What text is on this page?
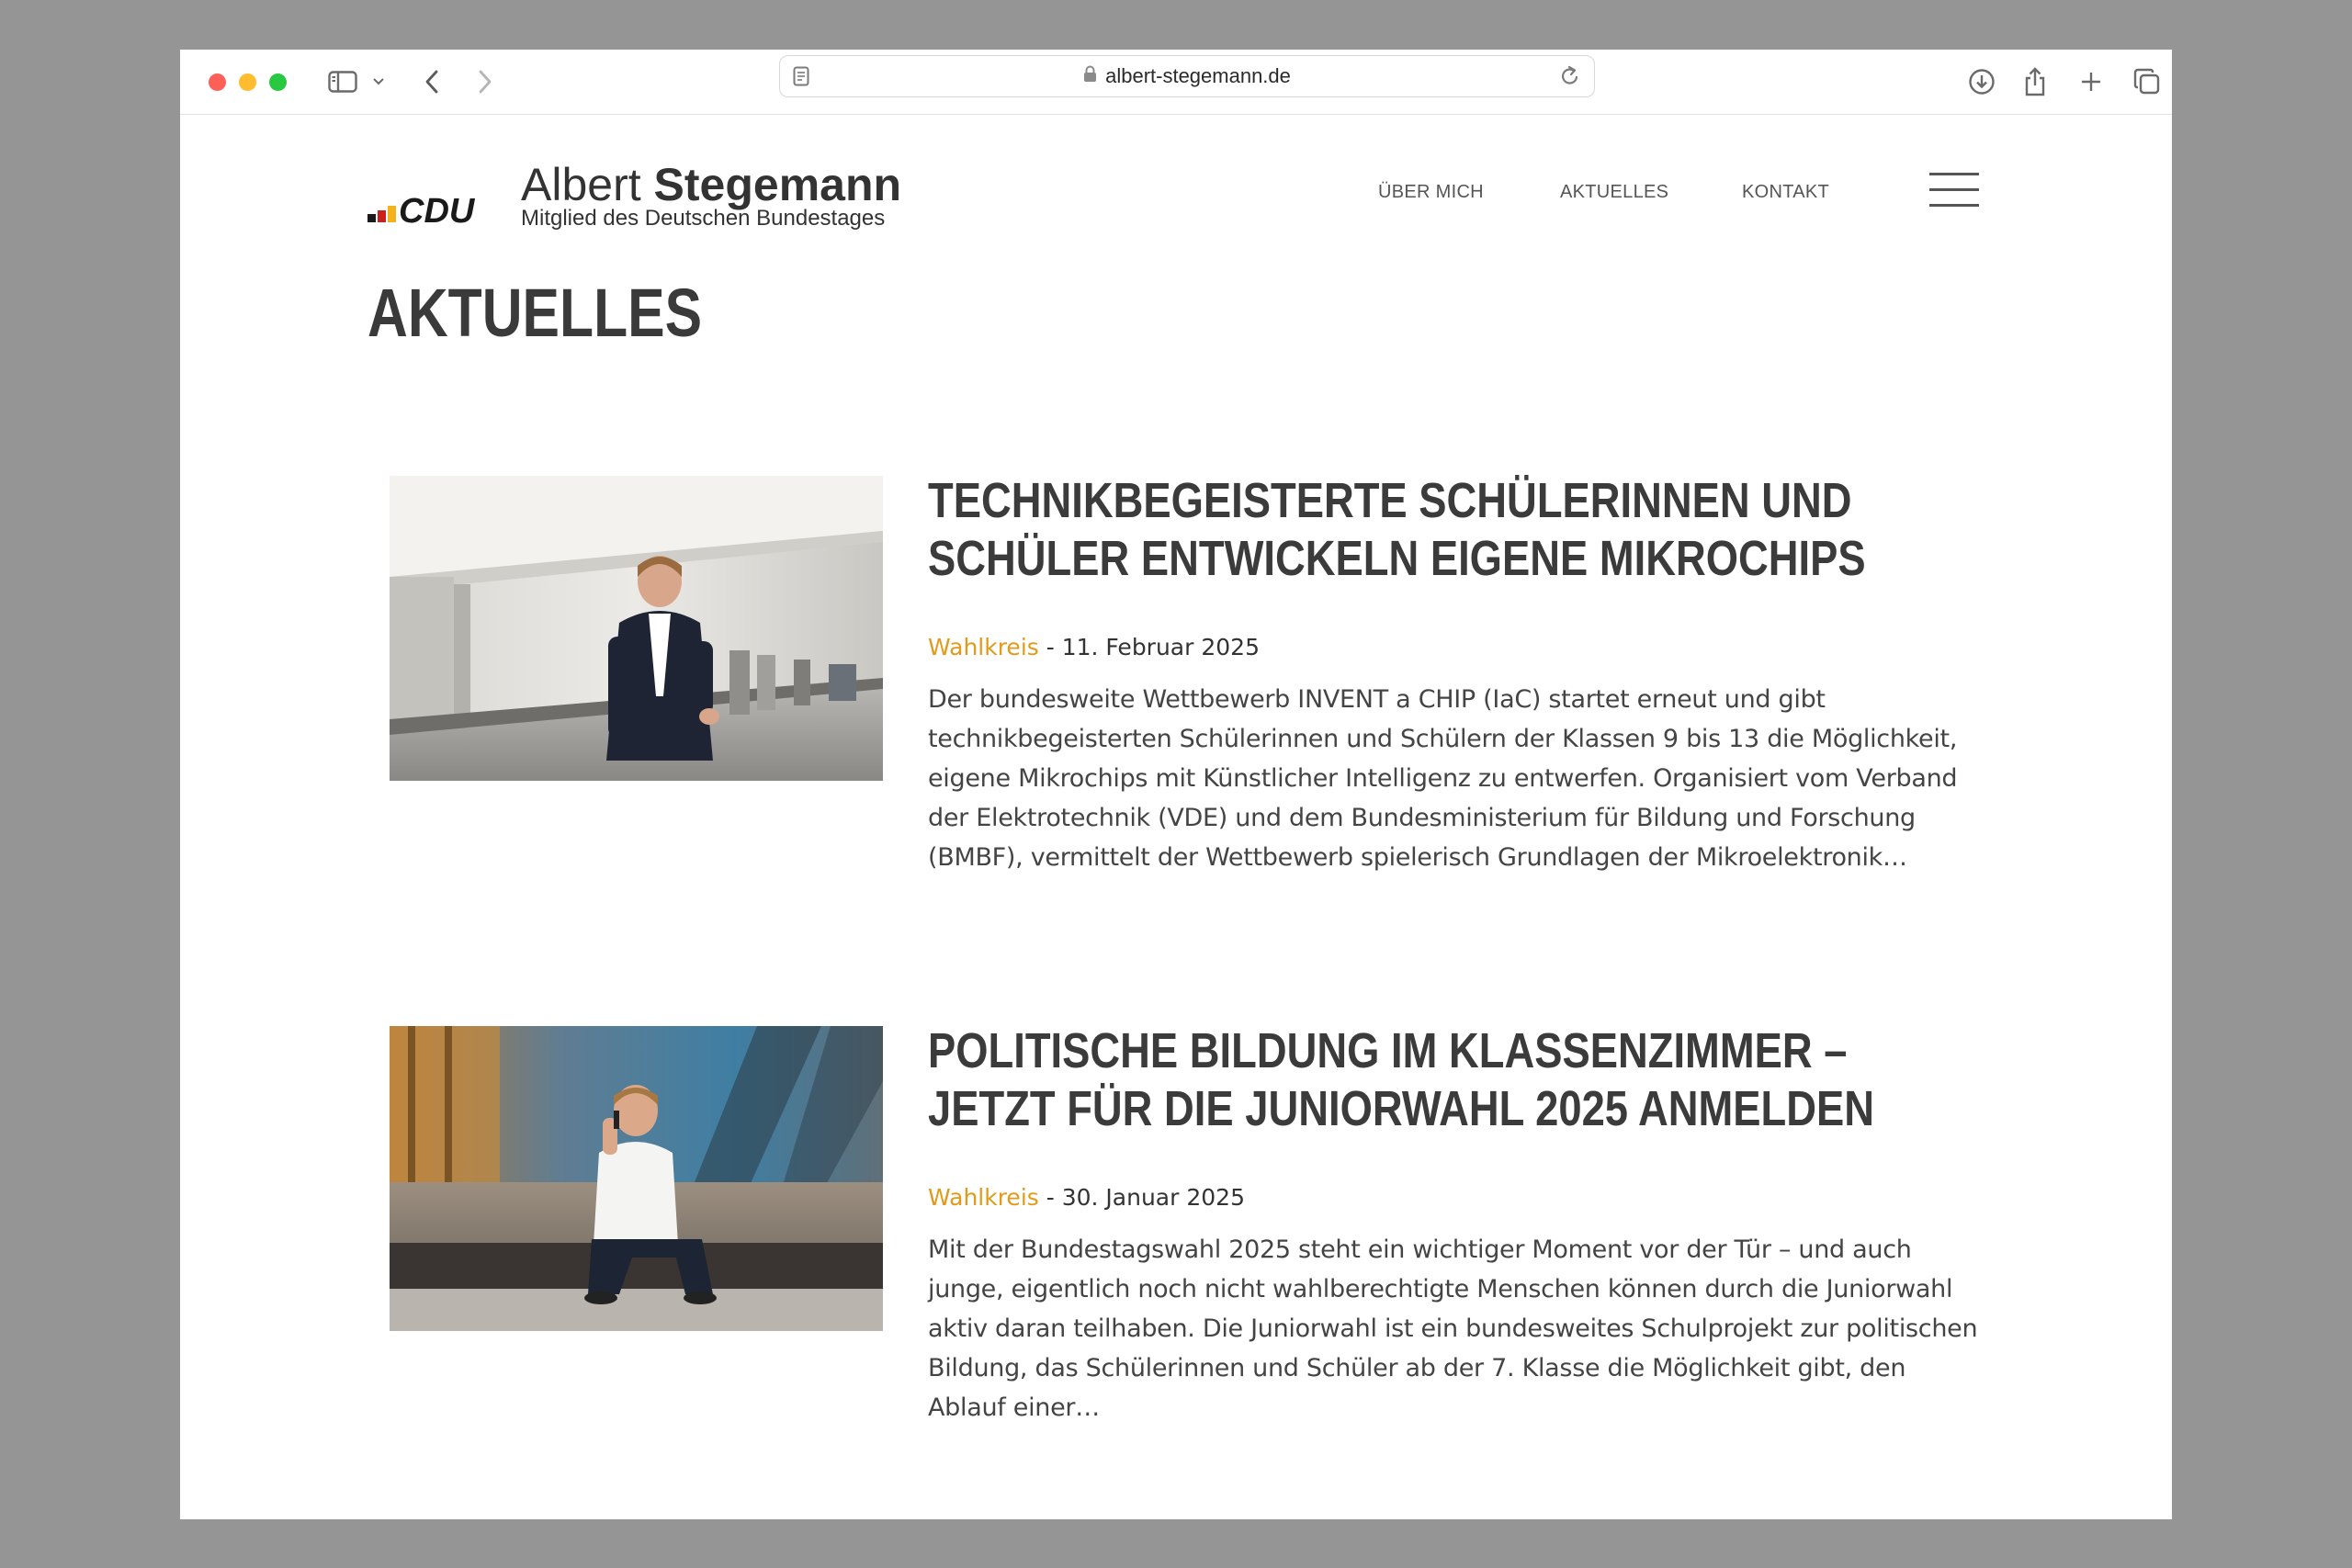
albert-stegemann.de
CDU
Albert Stegemann
Mitglied des Deutschen Bundestages
ÜBER MICH	AKTUELLES	KONTAKT
AKTUELLES
TECHNIKBEGEISTERTE SCHÜLERINNEN UND SCHÜLER ENTWICKELN EIGENE MIKROCHIPS
Wahlkreis - 11. Februar 2025

Der bundesweite Wettbewerb INVENT a CHIP (IaC) startet erneut und gibt technikbegeisterten Schülerinnen und Schülern der Klassen 9 bis 13 die Möglichkeit, eigene Mikrochips mit Künstlicher Intelligenz zu entwerfen. Organisiert vom Verband der Elektrotechnik (VDE) und dem Bundesministerium für Bildung und Forschung (BMBF), vermittelt der Wettbewerb spielerisch Grundlagen der Mikroelektronik…

POLITISCHE BILDUNG IM KLASSENZIMMER – JETZT FÜR DIE JUNIORWAHL 2025 ANMELDEN
Wahlkreis - 30. Januar 2025

Mit der Bundestagswahl 2025 steht ein wichtiger Moment vor der Tür – und auch junge, eigentlich noch nicht wahlberechtigte Menschen können durch die Juniorwahl aktiv daran teilhaben. Die Juniorwahl ist ein bundesweites Schulprojekt zur politischen Bildung, das Schülerinnen und Schüler ab der 7. Klasse die Möglichkeit gibt, den Ablauf einer…
